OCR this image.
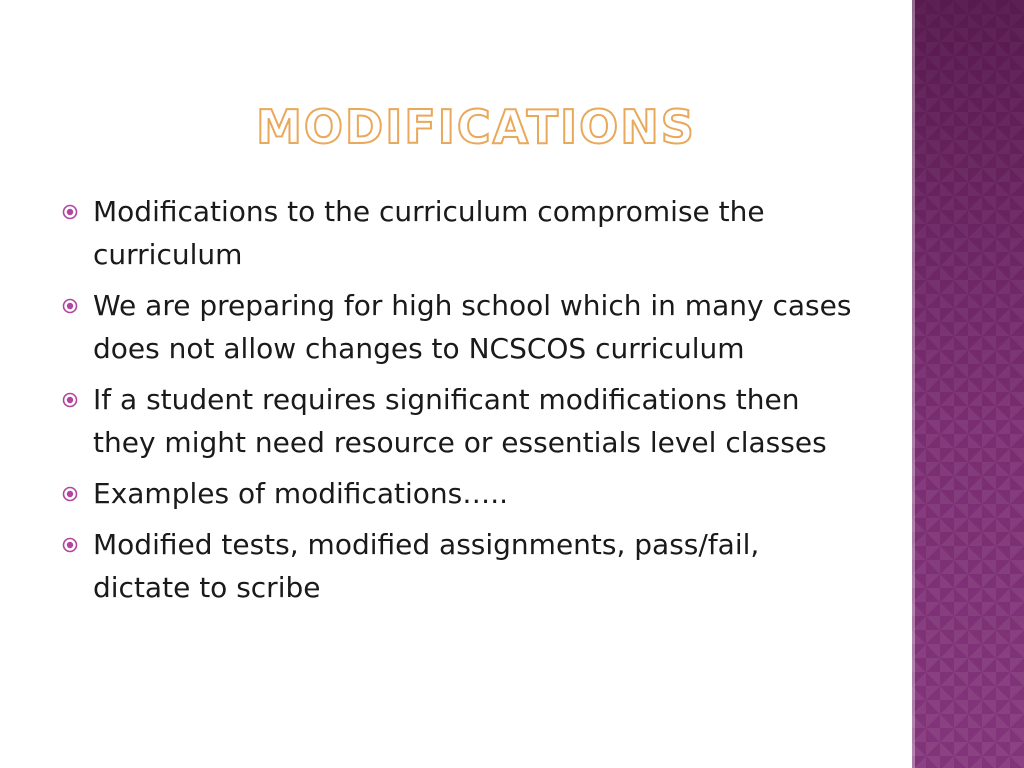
MODIFICATIONS
Modifications to the curriculum compromise the curriculum
We are preparing for high school which in many cases does not allow changes to NCSCOS curriculum
If a student requires significant modifications then they might need resource or essentials level classes
Examples of modifications…..
Modified tests, modified assignments, pass/fail, dictate to scribe
